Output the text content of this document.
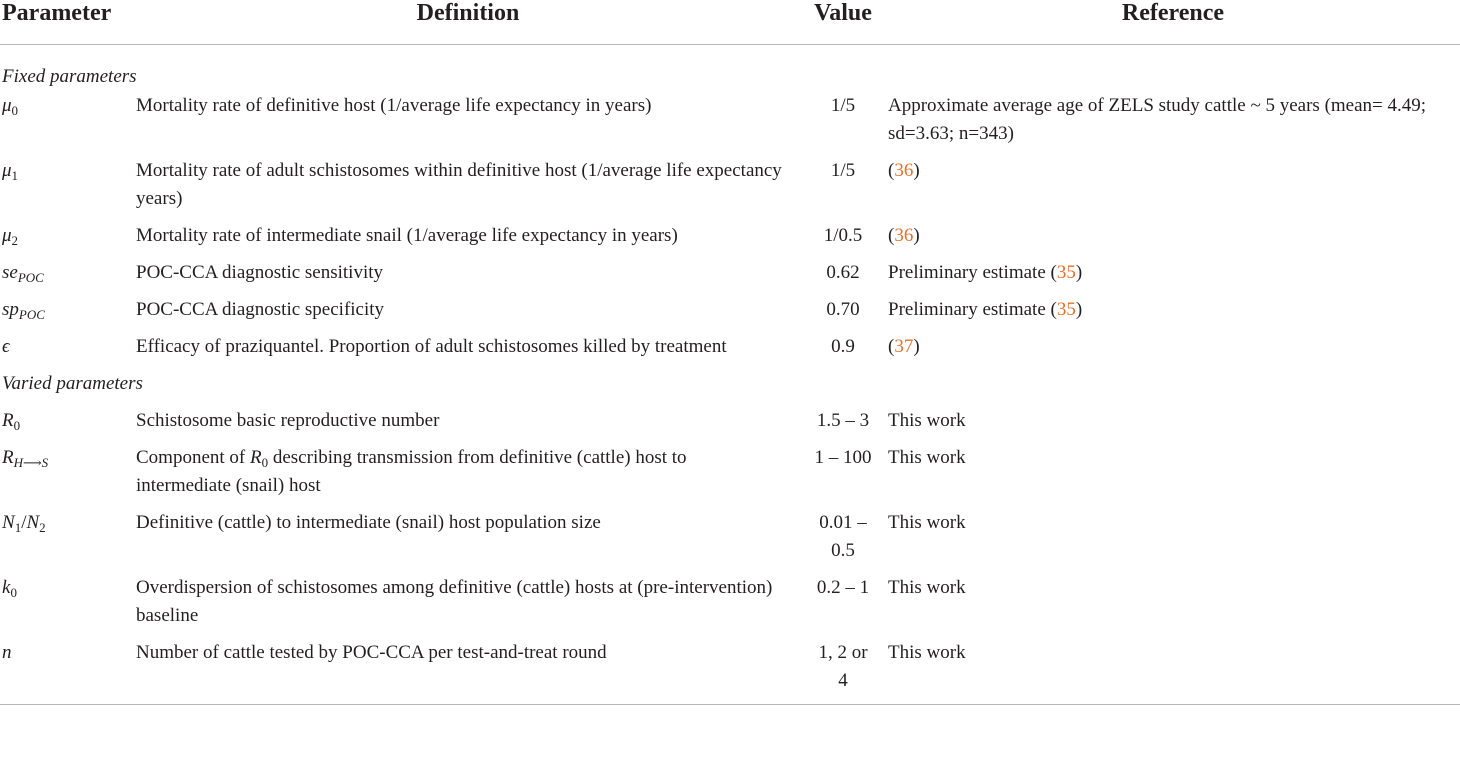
Parameter	Definition	Value	Reference
Fixed parameters			
$\mu_0$	Mortality rate of definitive host (1/average life expectancy in years)	1/5	Approximate average age of ZELS study cattle ~ 5 years (mean= 4.49; sd=3.63; n=343)
$\mu_1$	Mortality rate of adult schistosomes within definitive host (1/average life expectancy years)	1/5	(36)
$\mu_2$	Mortality rate of intermediate snail (1/average life expectancy in years)	1/0.5	(36)
$se_{POC}$	POC-CCA diagnostic sensitivity	0.62	Preliminary estimate (35)
$sp_{POC}$	POC-CCA diagnostic specificity	0.70	Preliminary estimate (35)
ϵ	Efficacy of praziquantel. Proportion of adult schistosomes killed by treatment	0.9	(37)
Varied parameters			
$R_0$	Schistosome basic reproductive number	1.5 – 3	This work
$R_{H⟶S}$	Component of $R_0$ describing transmission from definitive (cattle) host to intermediate (snail) host	1 – 100	This work
$N_1/N_2$	Definitive (cattle) to intermediate (snail) host population size	0.01 – 0.5	This work
$k_0$	Overdispersion of schistosomes among definitive (cattle) hosts at (pre-intervention) baseline	0.2 – 1	This work
n	Number of cattle tested by POC-CCA per test-and-treat round	1, 2 or 4	This work
